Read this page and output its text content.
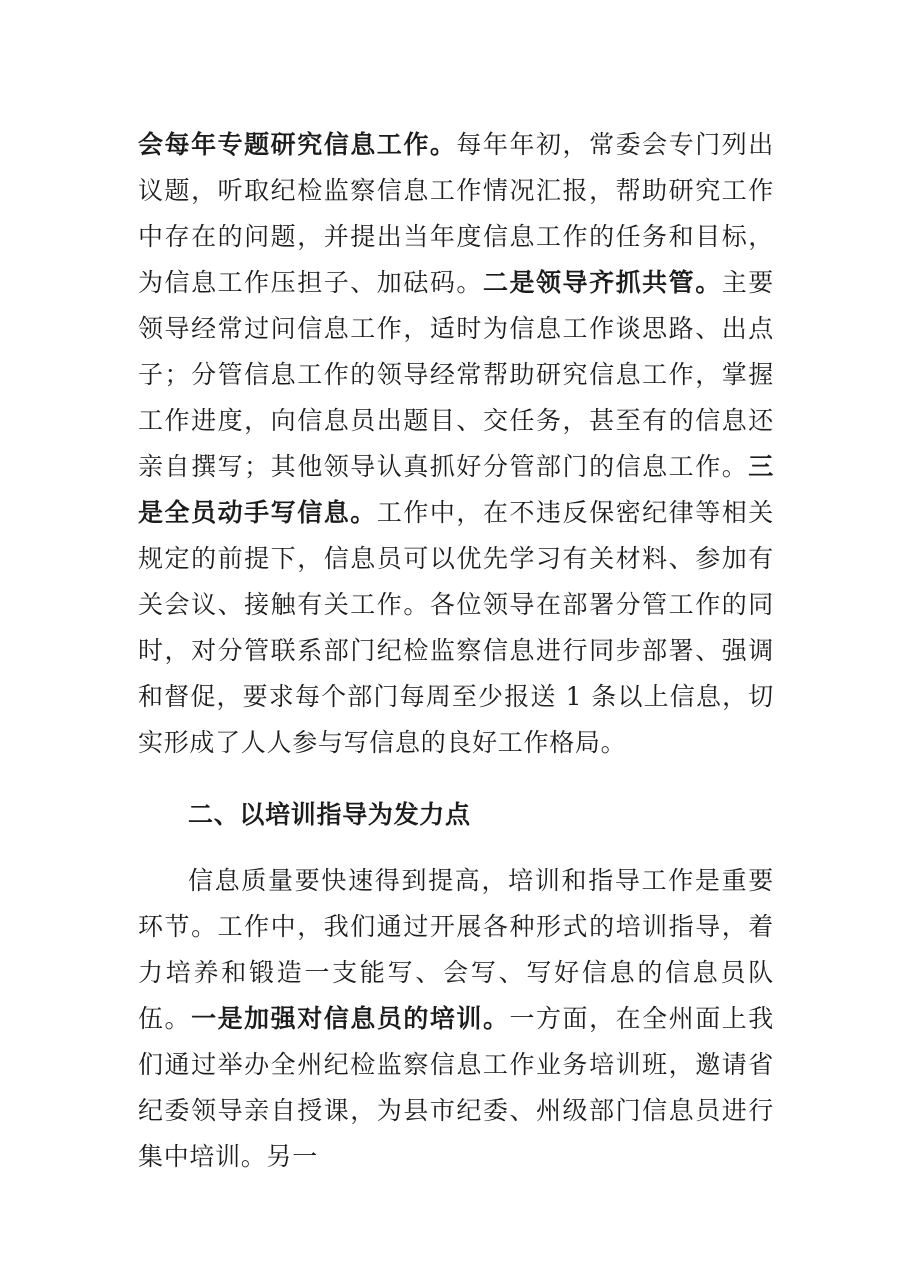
会每年专题研究信息工作。每年年初，常委会专门列出议题，听取纪检监察信息工作情况汇报，帮助研究工作中存在的问题，并提出当年度信息工作的任务和目标，为信息工作压担子、加砝码。二是领导齐抓共管。主要领导经常过问信息工作，适时为信息工作谈思路、出点子；分管信息工作的领导经常帮助研究信息工作，掌握工作进度，向信息员出题目、交任务，甚至有的信息还亲自撰写；其他领导认真抓好分管部门的信息工作。三是全员动手写信息。工作中，在不违反保密纪律等相关规定的前提下，信息员可以优先学习有关材料、参加有关会议、接触有关工作。各位领导在部署分管工作的同时，对分管联系部门纪检监察信息进行同步部署、强调和督促，要求每个部门每周至少报送 1 条以上信息，切实形成了人人参与写信息的良好工作格局。

二、以培训指导为发力点

信息质量要快速得到提高，培训和指导工作是重要环节。工作中，我们通过开展各种形式的培训指导，着力培养和锻造一支能写、会写、写好信息的信息员队伍。一是加强对信息员的培训。一方面，在全州面上我们通过举办全州纪检监察信息工作业务培训班，邀请省纪委领导亲自授课，为县市纪委、州级部门信息员进行集中培训。另一
